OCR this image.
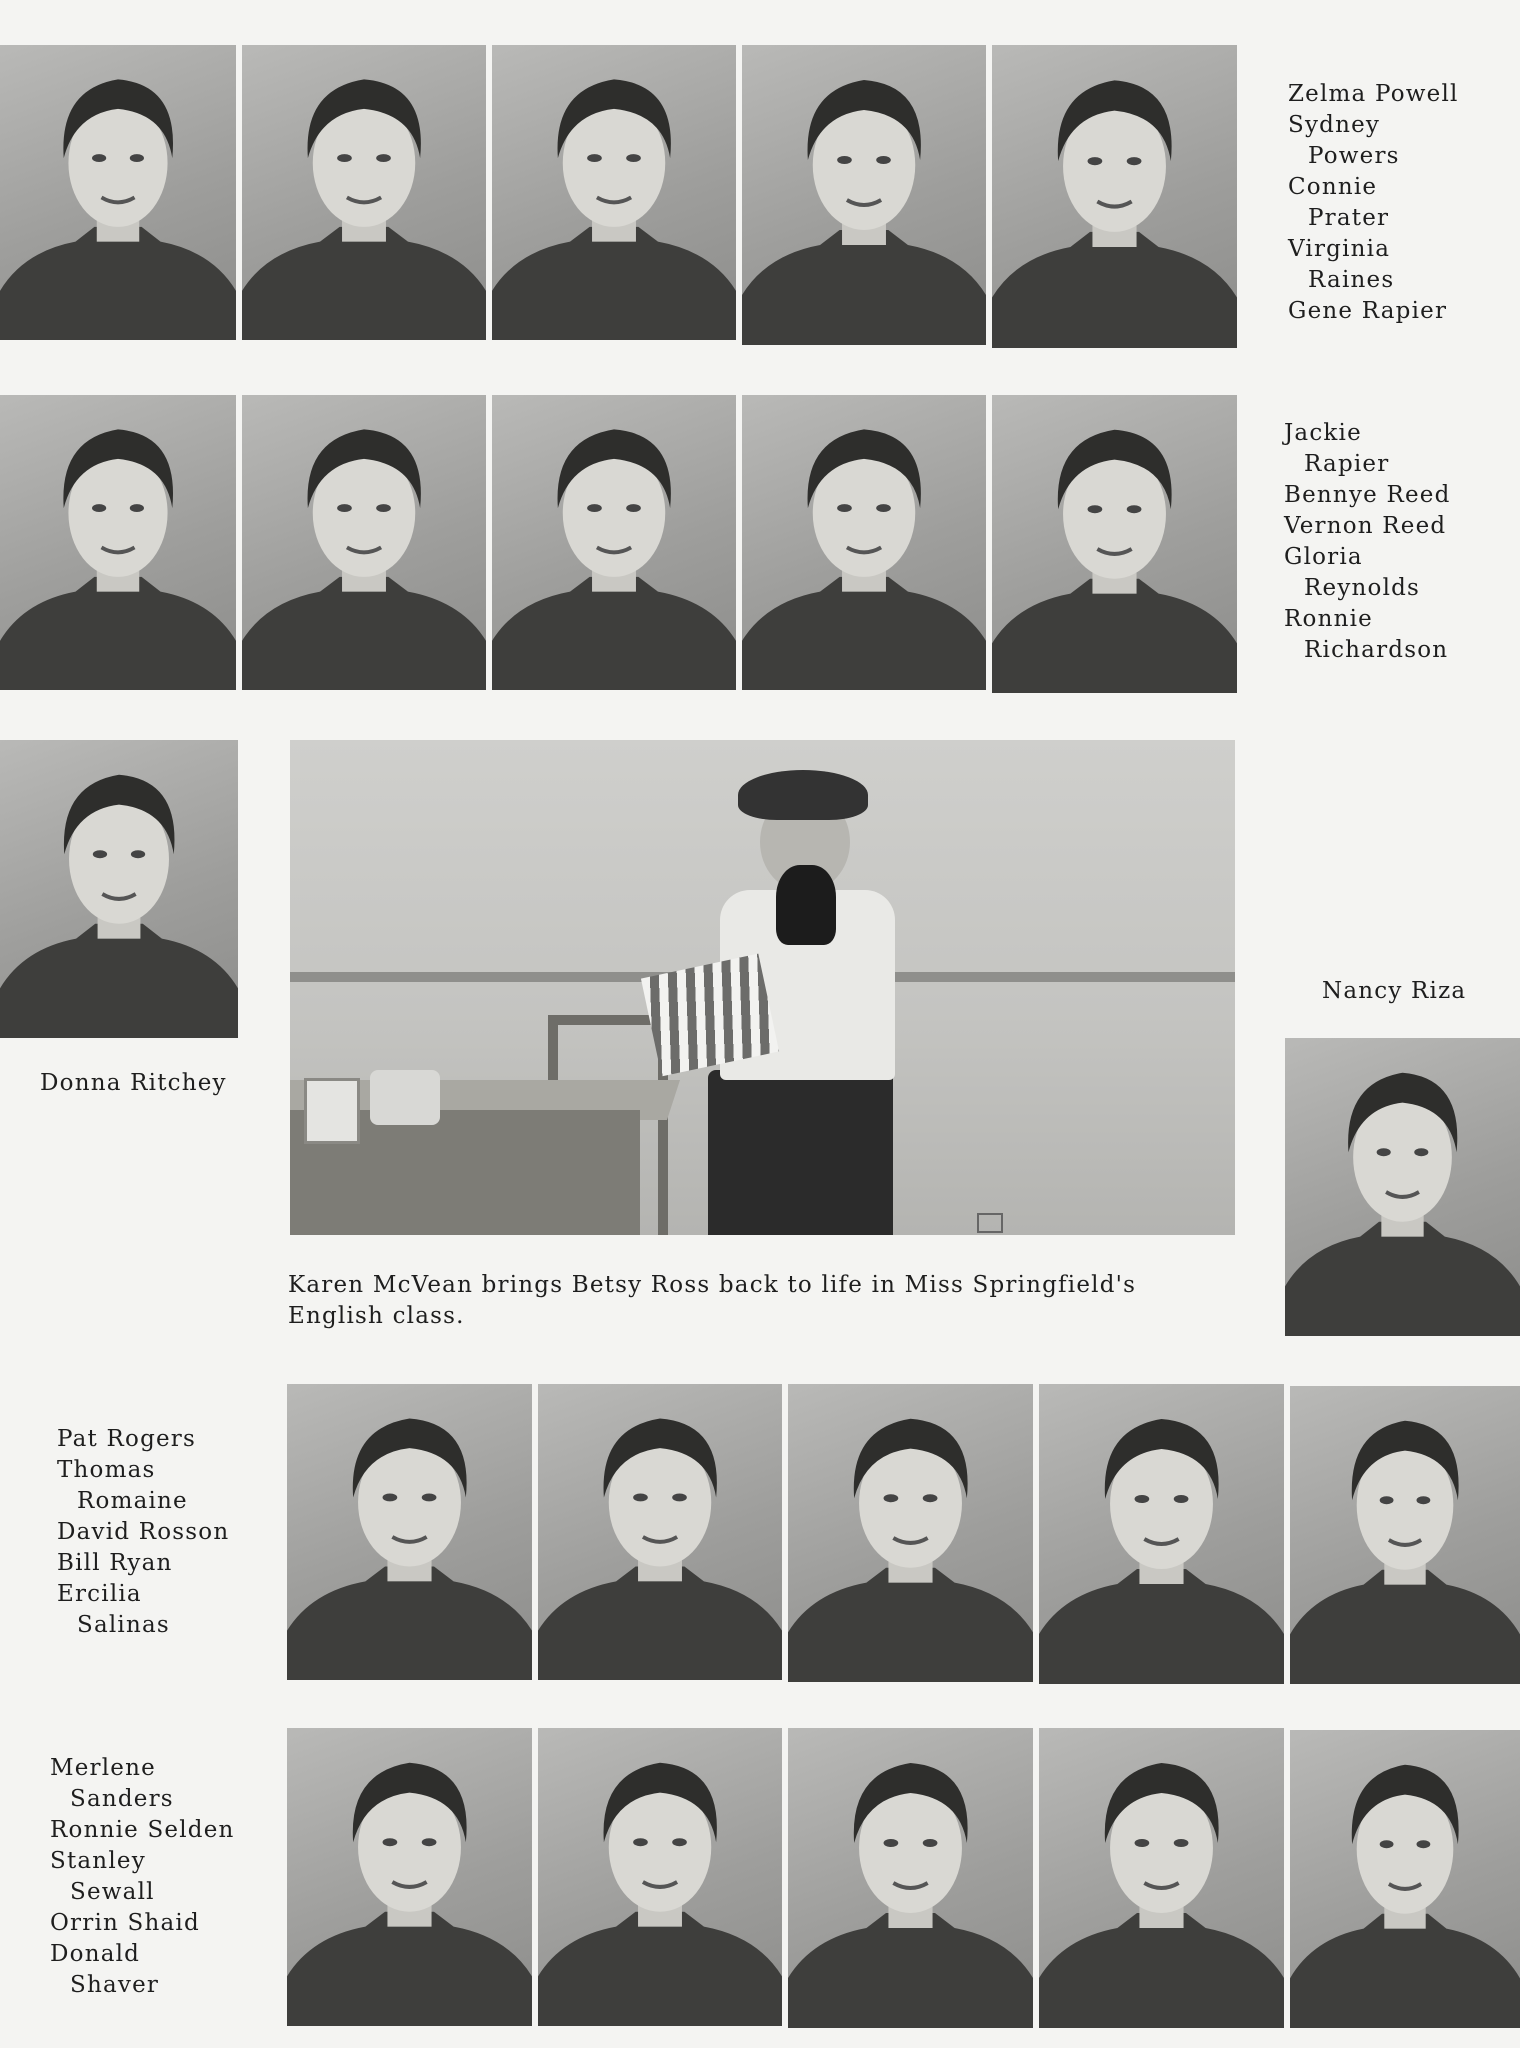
Zelma Powell
Sydney
Powers
Connie
Prater
Virginia
Raines
Gene Rapier
Jackie
Rapier
Bennye Reed
Vernon Reed
Gloria
Reynolds
Ronnie
Richardson
Donna Ritchey
Karen McVean brings Betsy Ross back to life in Miss Springfield's
English class.
Nancy Riza
Pat Rogers
Thomas
Romaine
David Rosson
Bill Ryan
Ercilia
Salinas
Merlene
Sanders
Ronnie Selden
Stanley
Sewall
Orrin Shaid
Donald
Shaver
